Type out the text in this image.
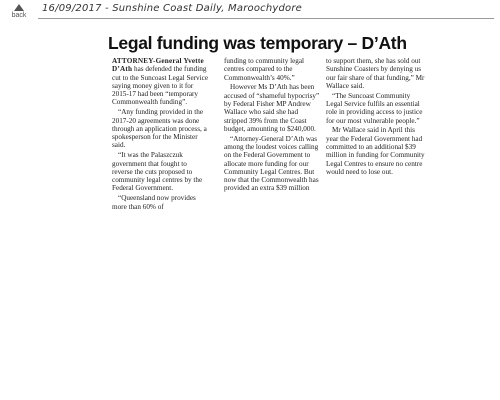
back
16/09/2017 - Sunshine Coast Daily, Maroochydore
Legal funding was temporary – D’Ath

ATTORNEY-General Yvette D’Ath has defended the funding cut to the Suncoast Legal Service saying money given to it for 2015-17 had been “temporary Commonwealth funding”.

“Any funding provided in the 2017-20 agreements was done through an application process, a spokesperson for the Minister said.

“It was the Palaszczuk government that fought to reverse the cuts proposed to community legal centres by the Federal Government.

“Queensland now provides more than 60% of

funding to community legal centres compared to the Commonwealth’s 40%.”

However Ms D’Ath has been accused of “shameful hypocrisy” by Federal Fisher MP Andrew Wallace who said she had stripped 39% from the Coast budget, amounting to $240,000.

“Attorney-General D’Ath was among the loudest voices calling on the Federal Government to allocate more funding for our Community Legal Centres. But now that the Commonwealth has provided an extra $39 million

to support them, she has sold out Sunshine Coasters by denying us our fair share of that funding,” Mr Wallace said.

“The Suncoast Community Legal Service fulfils an essential role in providing access to justice for our most vulnerable people.”

Mr Wallace said in April this year the Federal Government had committed to an additional $39 million in funding for Community Legal Centres to ensure no centre would need to lose out.
